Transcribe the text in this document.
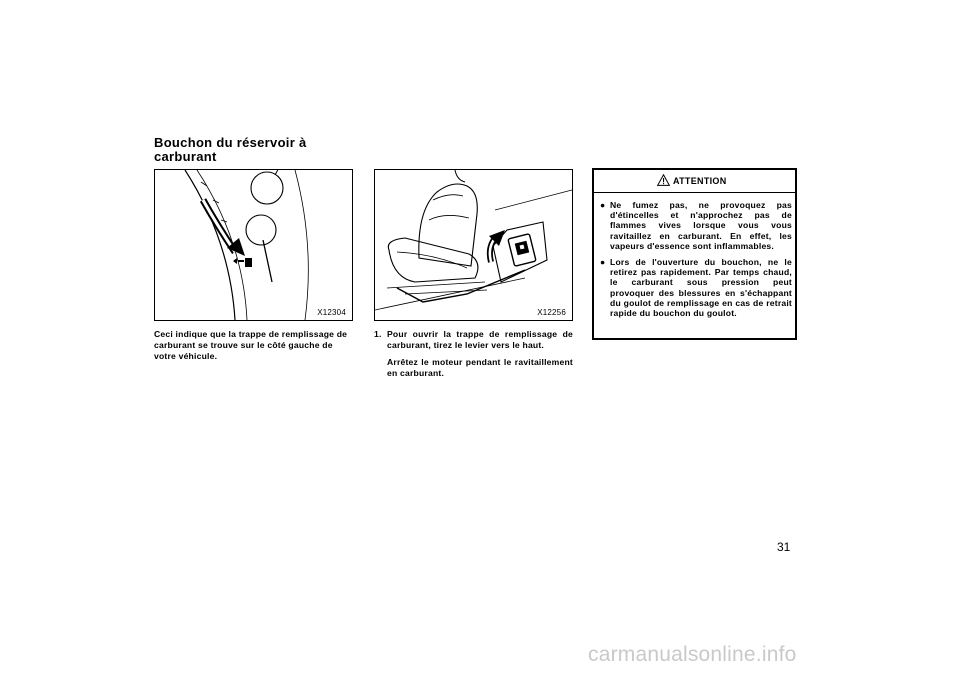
Bouchon du réservoir à carburant
X12304
Ceci indique que la trappe de remplissage de carburant se trouve sur le côté gauche de votre véhicule.
X12256
1. Pour ouvrir la trappe de remplissage de carburant, tirez le levier vers le haut.
Arrêtez le moteur pendant le ravitaillement en carburant.
ATTENTION
● Ne fumez pas, ne provoquez pas d'étincelles et n'approchez pas de flammes vives lorsque vous vous ravitaillez en carburant. En effet, les vapeurs d'essence sont inflammables.
● Lors de l'ouverture du bouchon, ne le retirez pas rapidement. Par temps chaud, le carburant sous pression peut provoquer des blessures en s'échappant du goulot de remplissage en cas de retrait rapide du bouchon du goulot.
31
carmanualsonline.info
